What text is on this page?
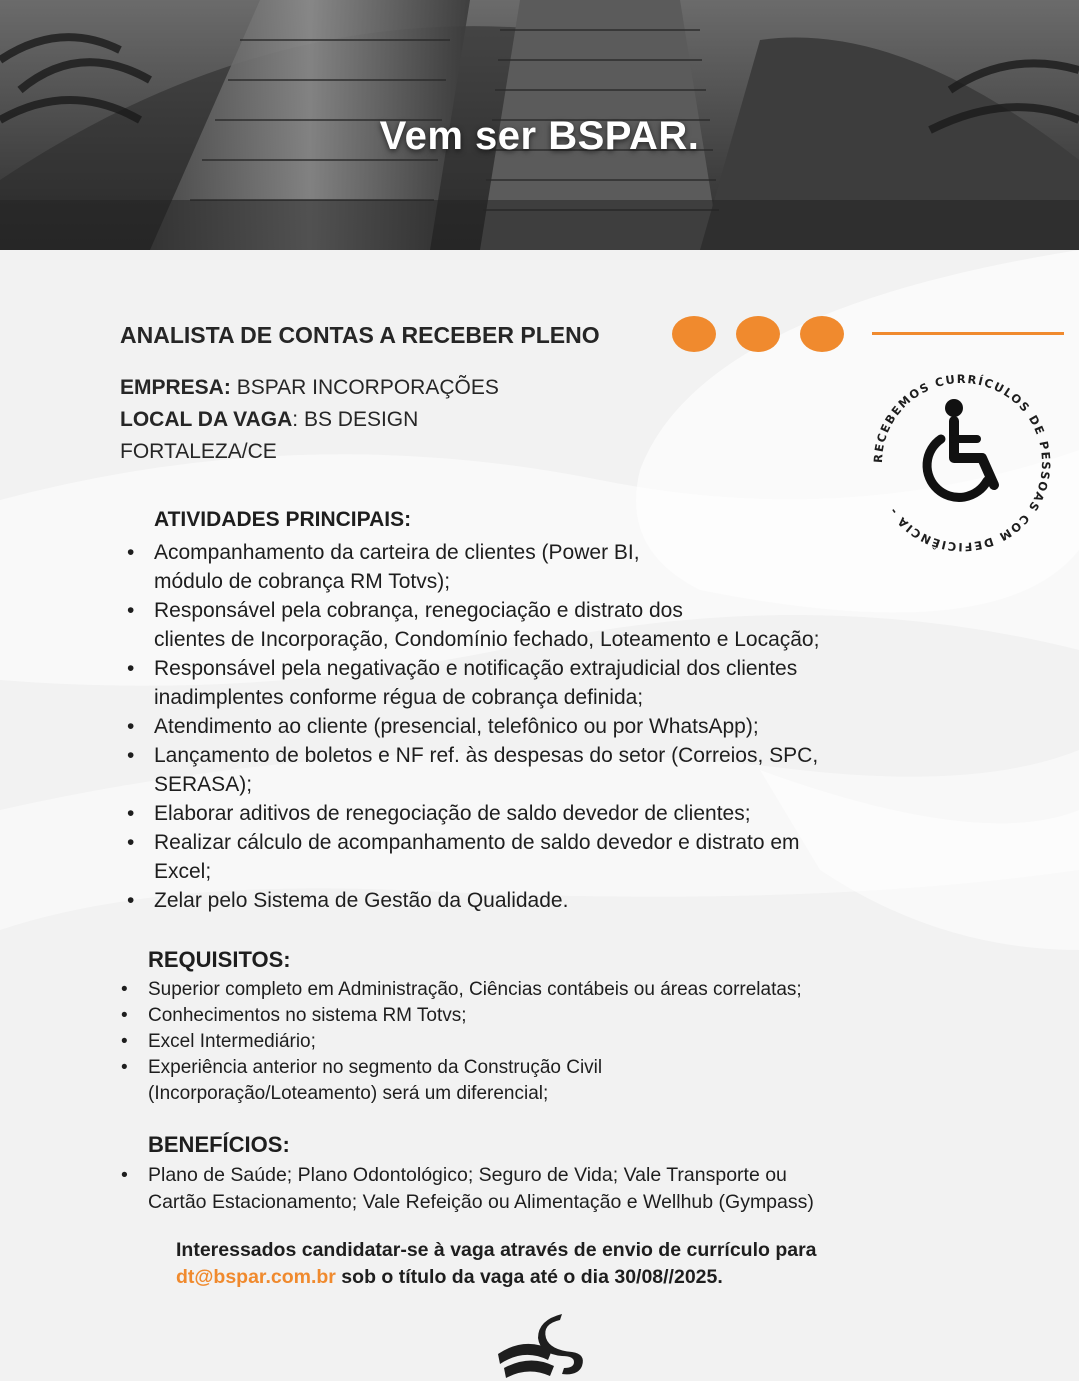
Vem ser BSPAR.
ANALISTA DE CONTAS A RECEBER PLENO
EMPRESA: BSPAR INCORPORAÇÕES
LOCAL DA VAGA: BS DESIGN
FORTALEZA/CE	RECEBEMOS CURRÍCULOS DE PESSOAS COM DEFICIÊNCIA -
ATIVIDADES PRINCIPAIS:
• Acompanhamento da carteira de clientes (Power BI,
módulo de cobrança RM Totvs);
• Responsável pela cobrança, renegociação e distrato dos
clientes de Incorporação, Condomínio fechado, Loteamento e Locação;
• Responsável pela negativação e notificação extrajudicial dos clientes
inadimplentes conforme régua de cobrança definida;
• Atendimento ao cliente (presencial, telefônico ou por WhatsApp);
• Lançamento de boletos e NF ref. às despesas do setor (Correios, SPC,
SERASA);
• Elaborar aditivos de renegociação de saldo devedor de clientes;
• Realizar cálculo de acompanhamento de saldo devedor e distrato em
Excel;
• Zelar pelo Sistema de Gestão da Qualidade.
REQUISITOS:
• Superior completo em Administração, Ciências contábeis ou áreas correlatas;
• Conhecimentos no sistema RM Totvs;
• Excel Intermediário;
• Experiência anterior no segmento da Construção Civil
(Incorporação/Loteamento) será um diferencial;
BENEFÍCIOS:
• Plano de Saúde; Plano Odontológico; Seguro de Vida; Vale Transporte ou
Cartão Estacionamento; Vale Refeição ou Alimentação e Wellhub (Gympass)
Interessados candidatar-se à vaga através de envio de currículo para
dt@bspar.com.br sob o título da vaga até o dia 30/08//2025.
